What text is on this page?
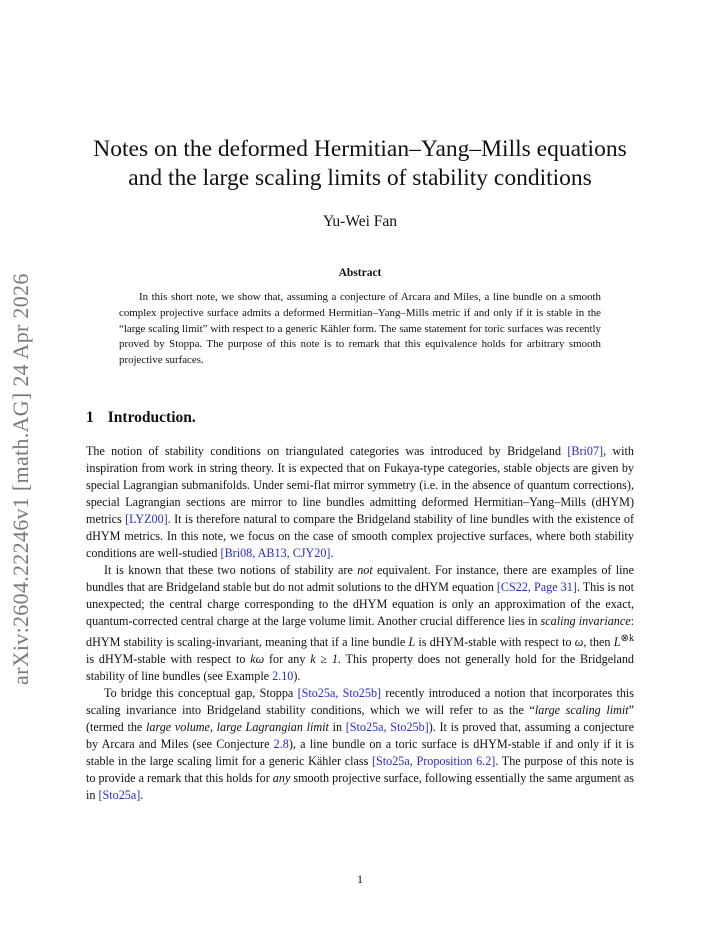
arXiv:2604.22246v1 [math.AG] 24 Apr 2026
Notes on the deformed Hermitian–Yang–Mills equations
and the large scaling limits of stability conditions
Yu-Wei Fan
Abstract

In this short note, we show that, assuming a conjecture of Arcara and Miles, a line bundle on a smooth complex projective surface admits a deformed Hermitian–Yang–Mills metric if and only if it is stable in the “large scaling limit” with respect to a generic Kähler form. The same statement for toric surfaces was recently proved by Stoppa. The purpose of this note is to remark that this equivalence holds for arbitrary smooth projective surfaces.

1 Introduction.

The notion of stability conditions on triangulated categories was introduced by Bridgeland [Bri07], with inspiration from work in string theory. It is expected that on Fukaya-type categories, stable objects are given by special Lagrangian submanifolds. Under semi-flat mirror symmetry (i.e. in the absence of quantum corrections), special Lagrangian sections are mirror to line bundles admitting deformed Hermitian–Yang–Mills (dHYM) metrics [LYZ00]. It is therefore natural to compare the Bridgeland stability of line bundles with the existence of dHYM metrics. In this note, we focus on the case of smooth complex projective surfaces, where both stability conditions are well-studied [Bri08, AB13, CJY20].

It is known that these two notions of stability are not equivalent. For instance, there are examples of line bundles that are Bridgeland stable but do not admit solutions to the dHYM equation [CS22, Page 31]. This is not unexpected; the central charge corresponding to the dHYM equation is only an approximation of the exact, quantum-corrected central charge at the large volume limit. Another crucial difference lies in scaling invariance: dHYM stability is scaling-invariant, meaning that if a line bundle L is dHYM-stable with respect to ω, then $L^{\otimes k}$ is dHYM-stable with respect to kω for any k ≥ 1. This property does not generally hold for the Bridgeland stability of line bundles (see Example 2.10).

To bridge this conceptual gap, Stoppa [Sto25a, Sto25b] recently introduced a notion that incorporates this scaling invariance into Bridgeland stability conditions, which we will refer to as the “large scaling limit” (termed the large volume, large Lagrangian limit in [Sto25a, Sto25b]). It is proved that, assuming a conjecture by Arcara and Miles (see Conjecture 2.8), a line bundle on a toric surface is dHYM-stable if and only if it is stable in the large scaling limit for a generic Kähler class [Sto25a, Proposition 6.2]. The purpose of this note is to provide a remark that this holds for any smooth projective surface, following essentially the same argument as in [Sto25a].

1
